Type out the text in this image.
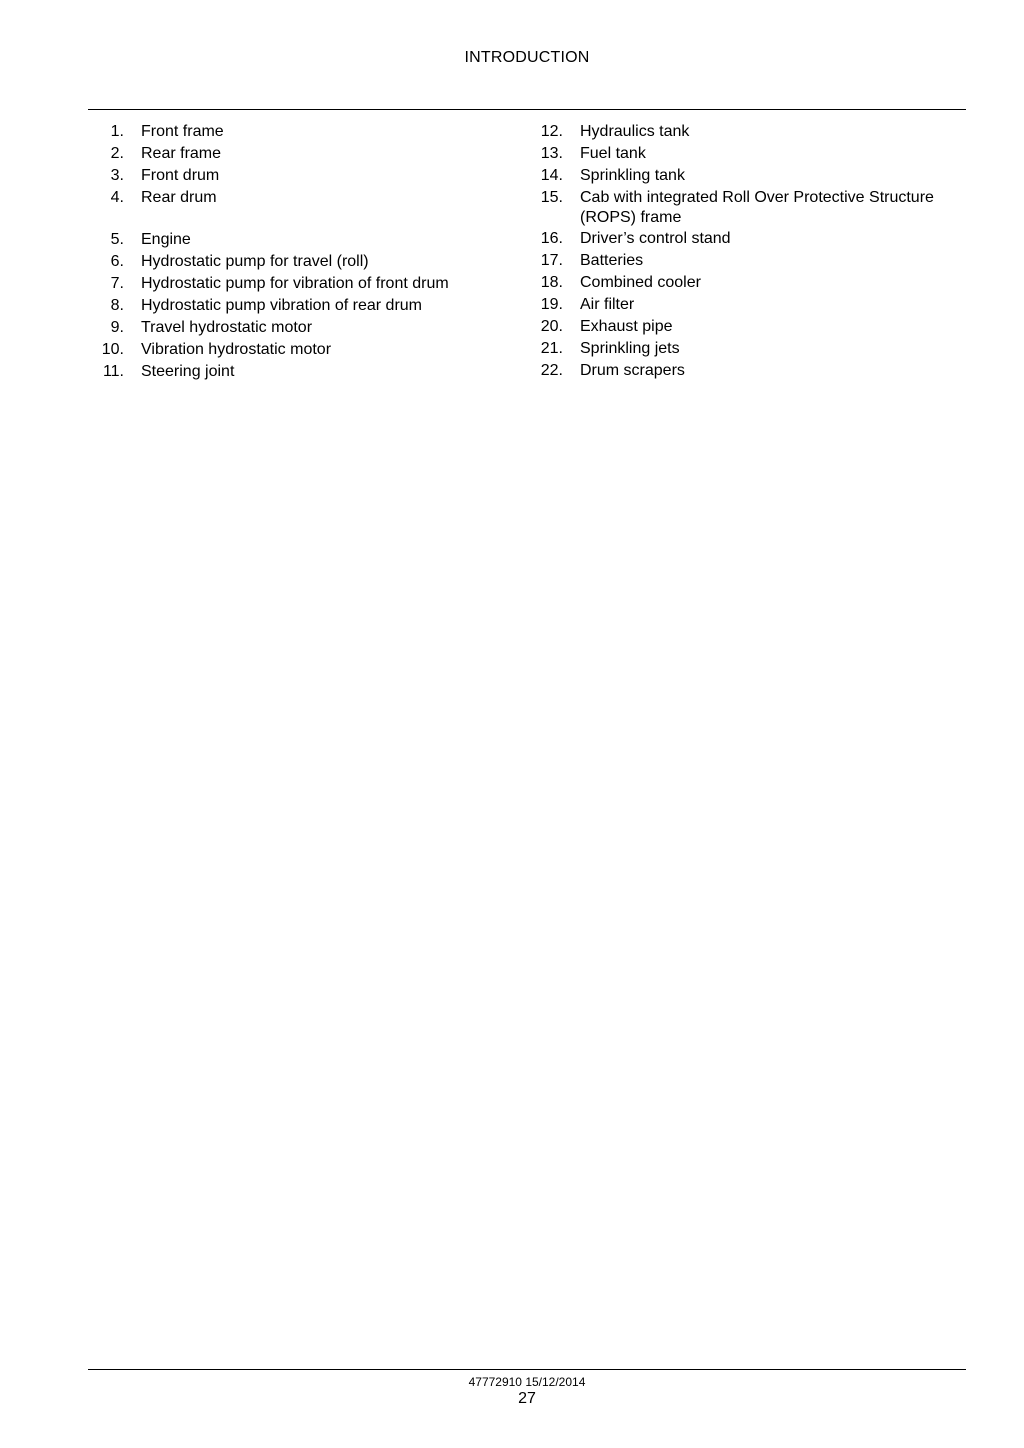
INTRODUCTION
1. Front frame
2. Rear frame
3. Front drum
4. Rear drum
5. Engine
6. Hydrostatic pump for travel (roll)
7. Hydrostatic pump for vibration of front drum
8. Hydrostatic pump vibration of rear drum
9. Travel hydrostatic motor
10. Vibration hydrostatic motor
11. Steering joint
12. Hydraulics tank
13. Fuel tank
14. Sprinkling tank
15. Cab with integrated Roll Over Protective Structure (ROPS) frame
16. Driver’s control stand
17. Batteries
18. Combined cooler
19. Air filter
20. Exhaust pipe
21. Sprinkling jets
22. Drum scrapers
47772910 15/12/2014
27
